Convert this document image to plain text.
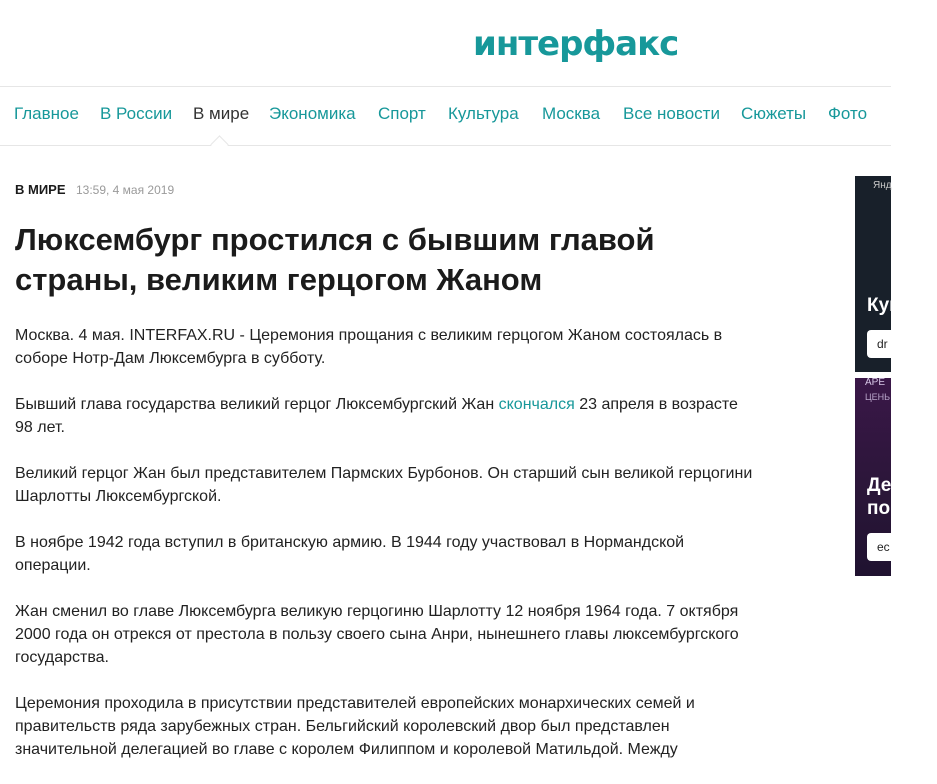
интерфакс
Главное В России В мире Экономика Спорт Культура Москва Все новости Сюжеты Фото
В МИРЕ 13:59, 4 мая 2019
Люксембург простился с бывшим главой страны, великим герцогом Жаном

Москва. 4 мая. INTERFAX.RU - Церемония прощания с великим герцогом Жаном состоялась в соборе Нотр-Дам Люксембурга в субботу.

Бывший глава государства великий герцог Люксембургский Жан скончался 23 апреля в возрасте 98 лет.

Великий герцог Жан был представителем Пармских Бурбонов. Он старший сын великой герцогини Шарлотты Люксембургской.

В ноябре 1942 года вступил в британскую армию. В 1944 году участвовал в Нормандской операции.

Жан сменил во главе Люксембурга великую герцогиню Шарлотту 12 ноября 1964 года. 7 октября 2000 года он отрекся от престола в пользу своего сына Анри, нынешнего главы люксембургского государства.

Церемония проходила в присутствии представителей европейских монархических семей и правительств ряда зарубежных стран. Бельгийский королевский двор был представлен значительной делегацией во главе с королем Филиппом и королевой Матильдой. Между

Янд
Куг
dr
АРЕ
ЦЕНЬ
Де
по
ec
